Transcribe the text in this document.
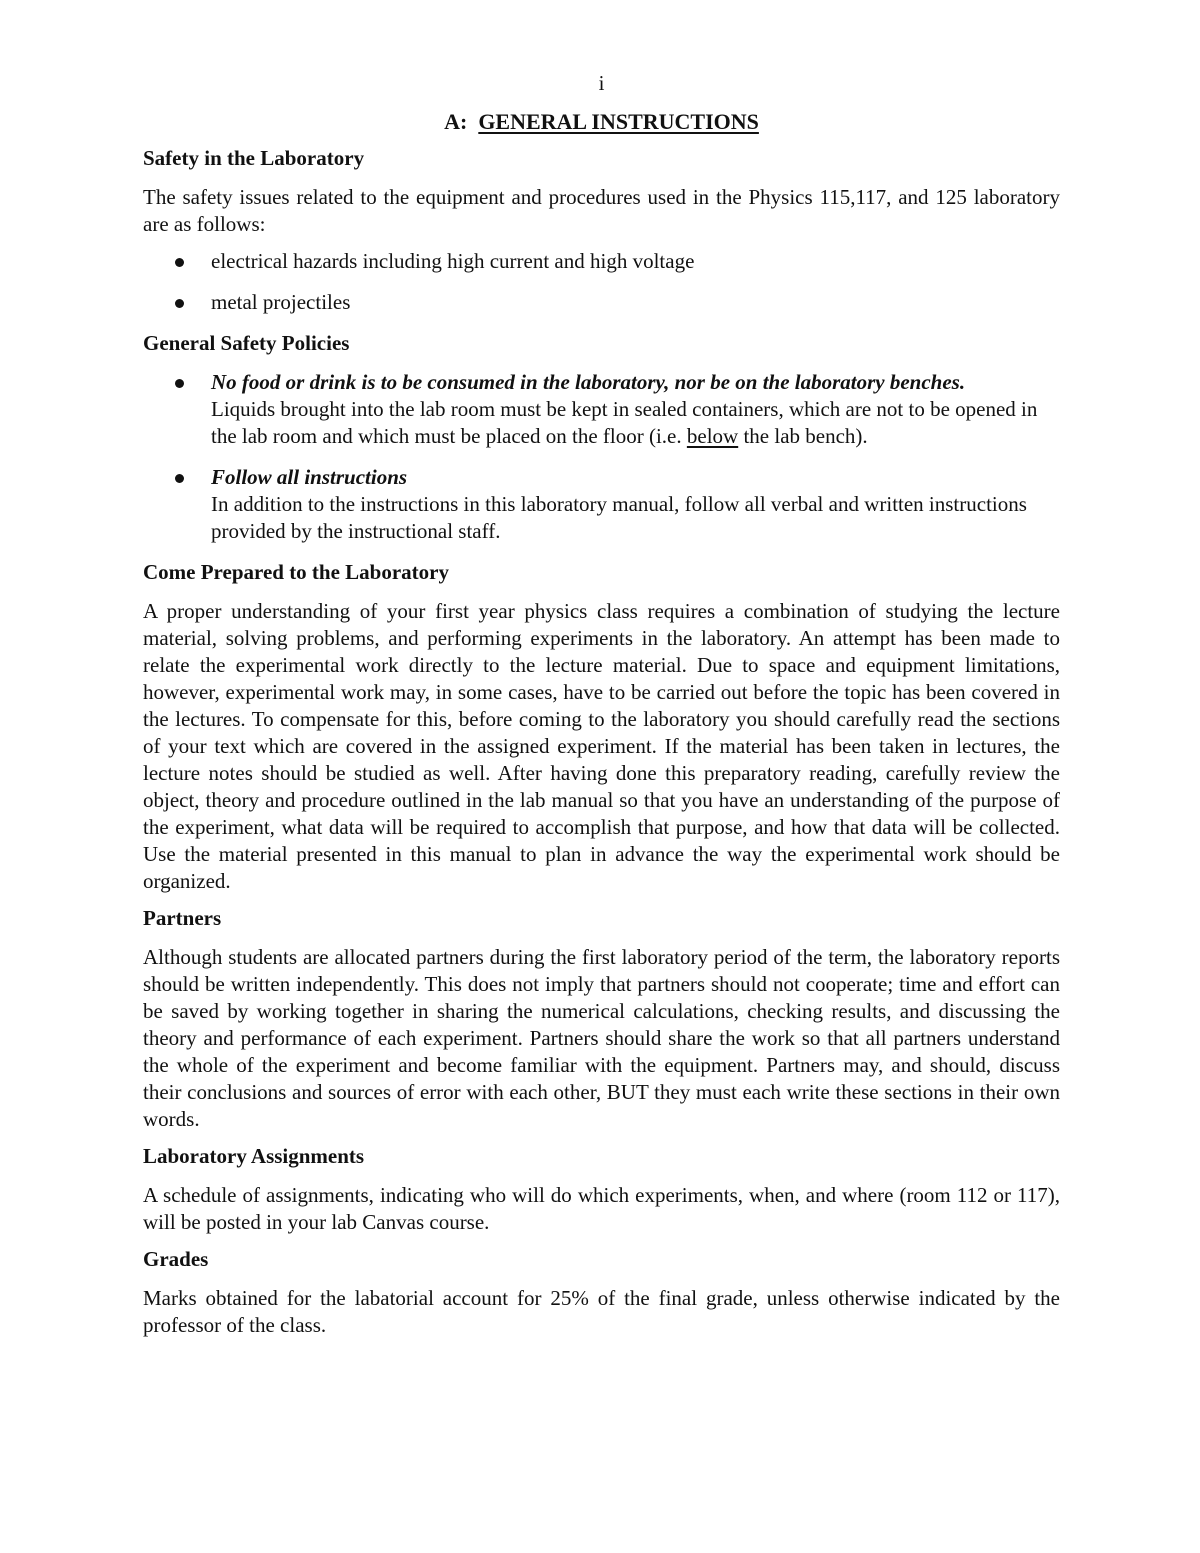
i
A: GENERAL INSTRUCTIONS
Safety in the Laboratory

The safety issues related to the equipment and procedures used in the Physics 115,117, and 125 laboratory are as follows:

electrical hazards including high current and high voltage
metal projectiles
General Safety Policies
No food or drink is to be consumed in the laboratory, nor be on the laboratory benches.
Liquids brought into the lab room must be kept in sealed containers, which are not to be opened in the lab room and which must be placed on the floor (i.e. below the lab bench).
Follow all instructions
In addition to the instructions in this laboratory manual, follow all verbal and written instructions provided by the instructional staff.
Come Prepared to the Laboratory

A proper understanding of your first year physics class requires a combination of studying the lecture material, solving problems, and performing experiments in the laboratory. An attempt has been made to relate the experimental work directly to the lecture material. Due to space and equipment limitations, however, experimental work may, in some cases, have to be carried out before the topic has been covered in the lectures. To compensate for this, before coming to the laboratory you should carefully read the sections of your text which are covered in the assigned experiment. If the material has been taken in lectures, the lecture notes should be studied as well. After having done this preparatory reading, carefully review the object, theory and procedure outlined in the lab manual so that you have an understanding of the purpose of the experiment, what data will be required to accomplish that purpose, and how that data will be collected. Use the material presented in this manual to plan in advance the way the experimental work should be organized.

Partners

Although students are allocated partners during the first laboratory period of the term, the laboratory reports should be written independently. This does not imply that partners should not cooperate; time and effort can be saved by working together in sharing the numerical calculations, checking results, and discussing the theory and performance of each experiment. Partners should share the work so that all partners understand the whole of the experiment and become familiar with the equipment. Partners may, and should, discuss their conclusions and sources of error with each other, BUT they must each write these sections in their own words.

Laboratory Assignments

A schedule of assignments, indicating who will do which experiments, when, and where (room 112 or 117), will be posted in your lab Canvas course.

Grades

Marks obtained for the labatorial account for 25% of the final grade, unless otherwise indicated by the professor of the class.
